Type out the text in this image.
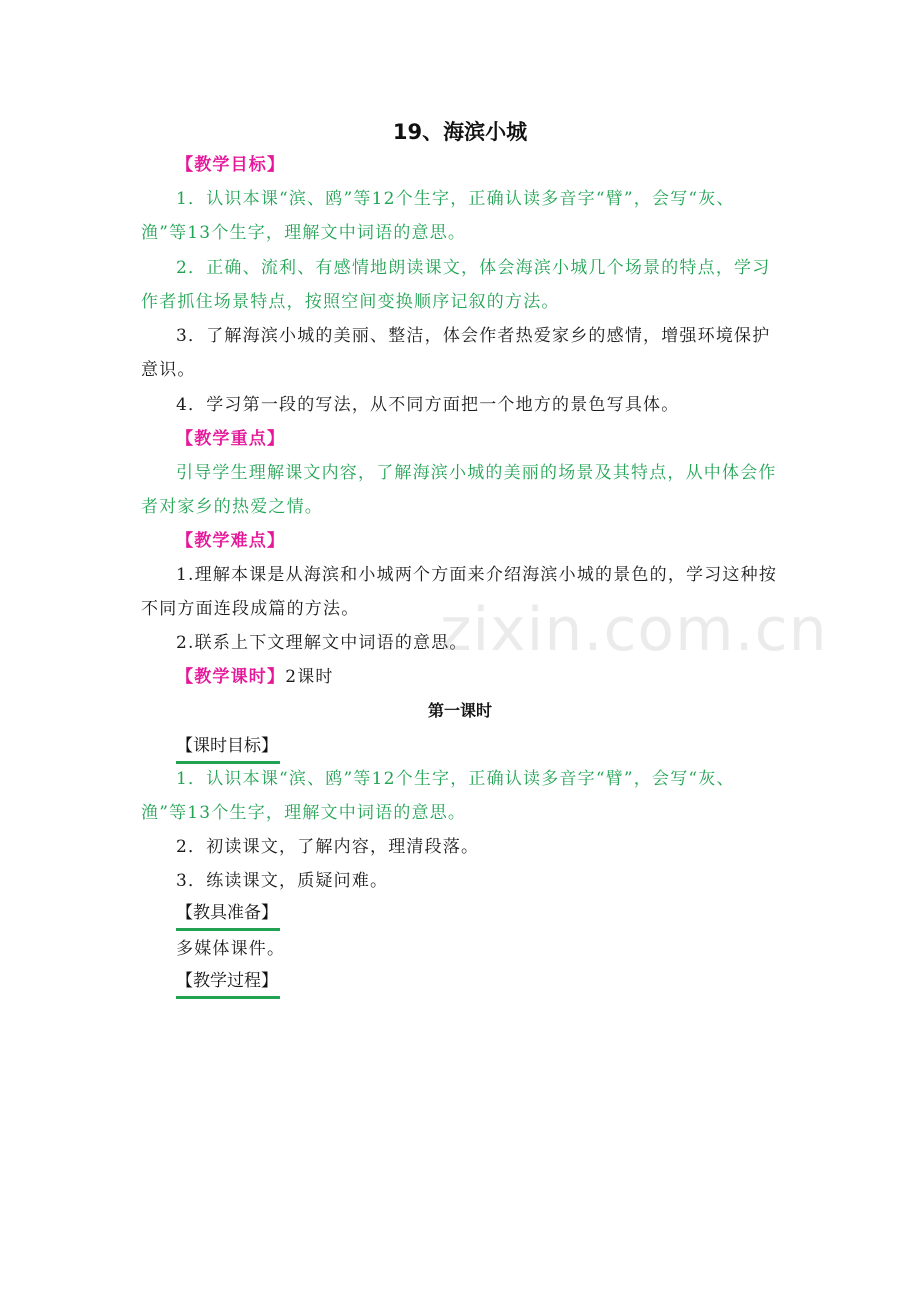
19、海滨小城
【教学目标】
1．认识本课“滨、鸥”等12个生字，正确认读多音字“臂”，会写“灰、
渔”等13个生字，理解文中词语的意思。
2．正确、流利、有感情地朗读课文，体会海滨小城几个场景的特点，学习
作者抓住场景特点，按照空间变换顺序记叙的方法。
3．了解海滨小城的美丽、整洁，体会作者热爱家乡的感情，增强环境保护
意识。
4．学习第一段的写法，从不同方面把一个地方的景色写具体。
【教学重点】
引导学生理解课文内容，了解海滨小城的美丽的场景及其特点，从中体会作
者对家乡的热爱之情。
【教学难点】
1.理解本课是从海滨和小城两个方面来介绍海滨小城的景色的，学习这种按
不同方面连段成篇的方法。
2.联系上下文理解文中词语的意思。
【教学课时】2课时
第一课时
【课时目标】
1．认识本课“滨、鸥”等12个生字，正确认读多音字“臂”，会写“灰、
渔”等13个生字，理解文中词语的意思。
2．初读课文，了解内容，理清段落。
3．练读课文，质疑问难。
【教具准备】
多媒体课件。
【教学过程】
zixin.com.cn
